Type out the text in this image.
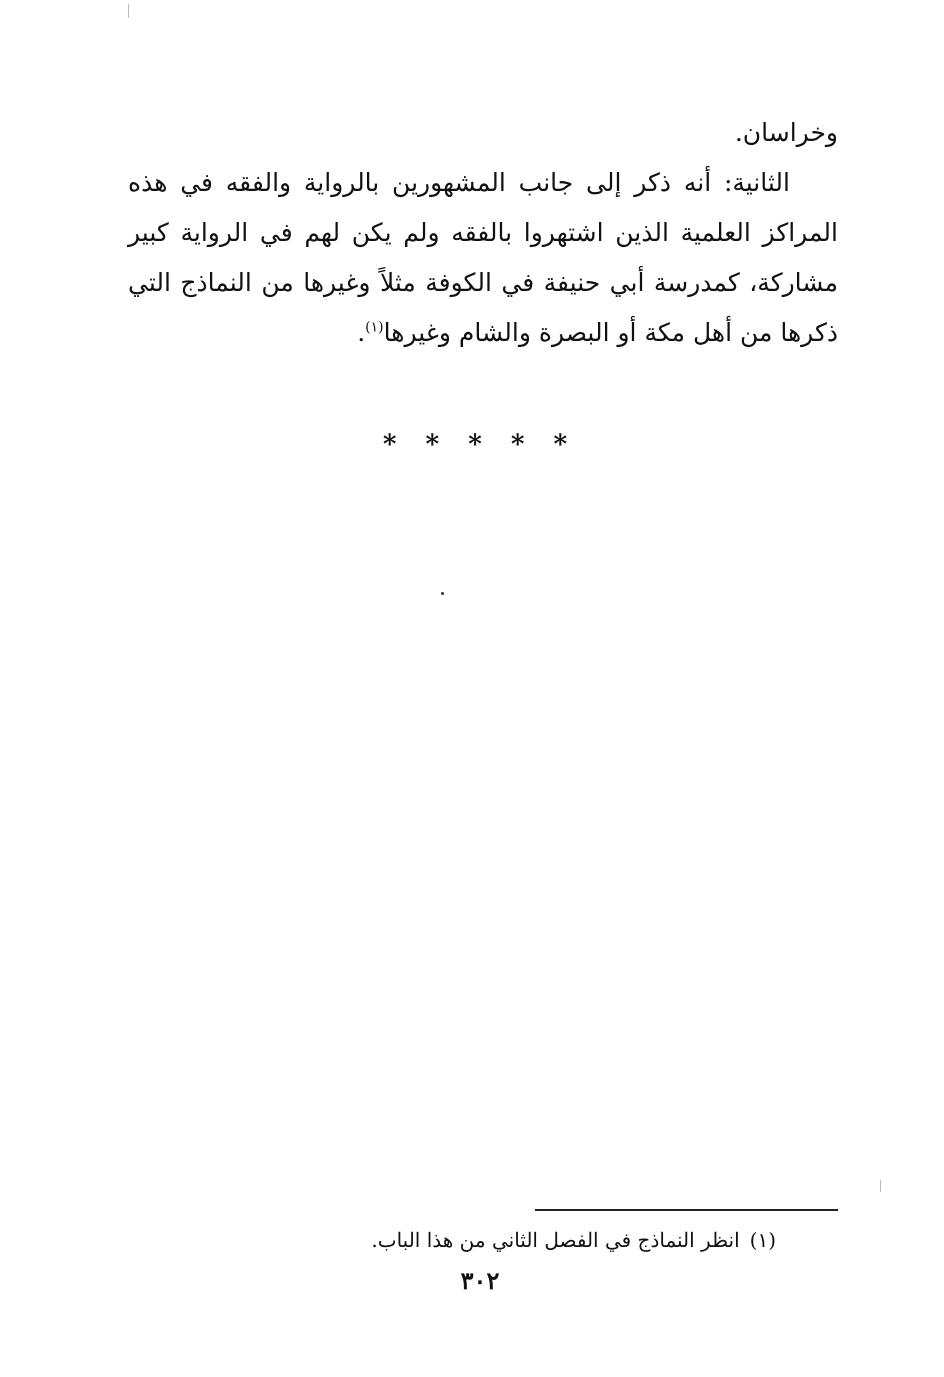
وخراسان.
الثانية: أنه ذكر إلى جانب المشهورين بالرواية والفقه في هذه
المراكز العلمية الذين اشتهروا بالفقه ولم يكن لهم في الرواية كبير
مشاركة، كمدرسة أبي حنيفة في الكوفة مثلاً وغيرها من النماذج التي
ذكرها من أهل مكة أو البصرة والشام وغيرها$^{(١)}$.
* * * * *
(١)انظر النماذج في الفصل الثاني من هذا الباب.
٣٠٢
